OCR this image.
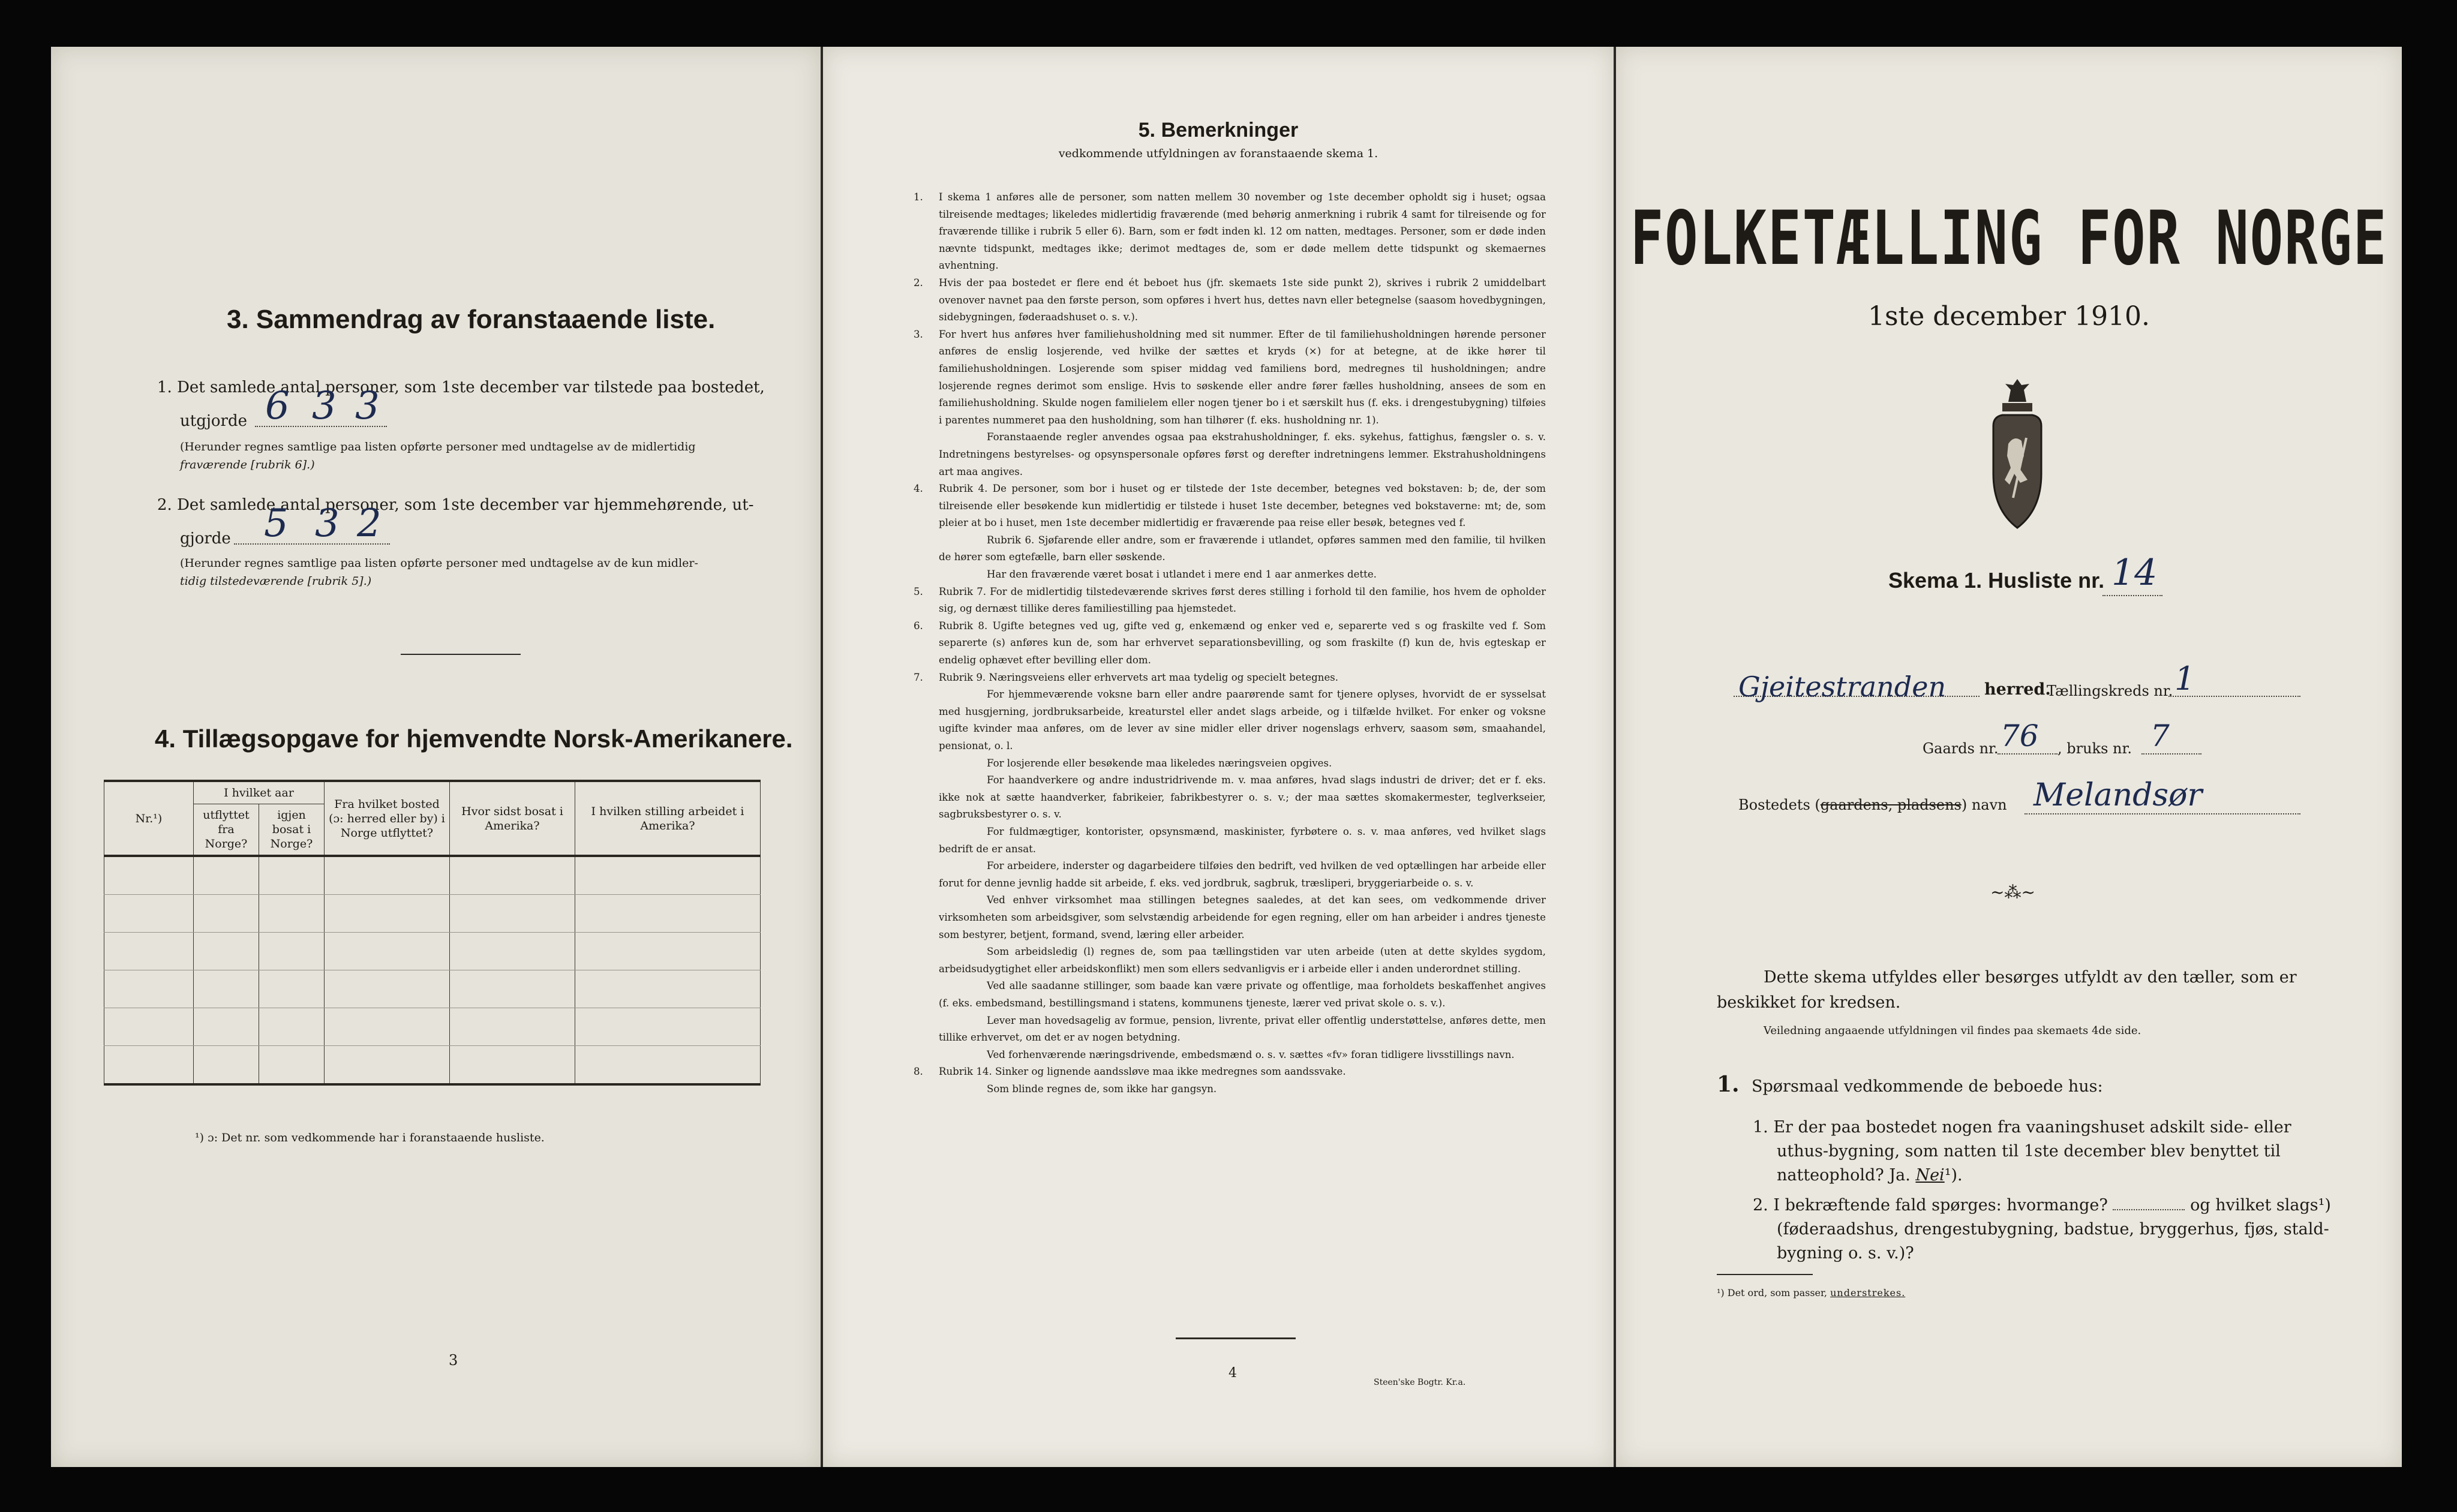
3. Sammendrag av foranstaaende liste.
1. Det samlede antal personer, som 1ste december var tilstede paa bostedet,
utgjorde 6 3 3
(Herunder regnes samtlige paa listen opførte personer med undtagelse av de midlertidig
fraværende [rubrik 6].)
2. Det samlede antal personer, som 1ste december var hjemmehørende, ut-
gjorde 5 3 2
(Herunder regnes samtlige paa listen opførte personer med undtagelse av de kun midler-
tidig tilstedeværende [rubrik 5].)
4. Tillægsopgave for hjemvendte Norsk-Amerikanere.
Nr.¹)	I hvilket aar		Fra hvilket bosted (ɔ: herred eller by) i Norge utflyttet?	Hvor sidst bosat i Amerika?	I hvilken stilling arbeidet i Amerika?
	utflyttet fra Norge?	igjen bosat i Norge?			

¹) ɔ: Det nr. som vedkommende har i foranstaaende husliste.
3
5. Bemerkninger
vedkommende utfyldningen av foranstaaende skema 1.

I skema 1 anføres alle de personer, som natten mellem 30 november og 1ste december opholdt sig i huset; ogsaa tilreisende medtages; likeledes midlertidig fraværende (med behørig anmerkning i rubrik 4 samt for tilreisende og for fraværende tillike i rubrik 5 eller 6). Barn, som er født inden kl. 12 om natten, medtages. Personer, som er døde inden nævnte tidspunkt, medtages ikke; derimot medtages de, som er døde mellem dette tidspunkt og skemaernes avhentning.

Hvis der paa bostedet er flere end ét beboet hus (jfr. skemaets 1ste side punkt 2), skrives i rubrik 2 umiddelbart ovenover navnet paa den første person, som opføres i hvert hus, dettes navn eller betegnelse (saasom hovedbygningen, sidebygningen, føderaadshuset o. s. v.).

For hvert hus anføres hver familiehusholdning med sit nummer. Efter de til familiehusholdningen hørende personer anføres de enslig losjerende, ved hvilke der sættes et kryds (×) for at betegne, at de ikke hører til familiehusholdningen. Losjerende som spiser middag ved familiens bord, medregnes til husholdningen; andre losjerende regnes derimot som enslige. Hvis to søskende eller andre fører fælles husholdning, ansees de som en familiehusholdning. Skulde nogen familielem eller nogen tjener bo i et særskilt hus (f. eks. i drengestubygning) tilføies i parentes nummeret paa den husholdning, som han tilhører (f. eks. husholdning nr. 1).

Foranstaaende regler anvendes ogsaa paa ekstrahusholdninger, f. eks. sykehus, fattighus, fængsler o. s. v. Indretningens bestyrelses- og opsynspersonale opføres først og derefter indretningens lemmer. Ekstrahusholdningens art maa angives.

Rubrik 4. De personer, som bor i huset og er tilstede der 1ste december, betegnes ved bokstaven: b; de, der som tilreisende eller besøkende kun midlertidig er tilstede i huset 1ste december, betegnes ved bokstaverne: mt; de, som pleier at bo i huset, men 1ste december midlertidig er fraværende paa reise eller besøk, betegnes ved f.

Rubrik 6. Sjøfarende eller andre, som er fraværende i utlandet, opføres sammen med den familie, til hvilken de hører som egtefælle, barn eller søskende.

Har den fraværende været bosat i utlandet i mere end 1 aar anmerkes dette.

Rubrik 7. For de midlertidig tilstedeværende skrives først deres stilling i forhold til den familie, hos hvem de opholder sig, og dernæst tillike deres familiestilling paa hjemstedet.

Rubrik 8. Ugifte betegnes ved ug, gifte ved g, enkemænd og enker ved e, separerte ved s og fraskilte ved f. Som separerte (s) anføres kun de, som har erhvervet separationsbevilling, og som fraskilte (f) kun de, hvis egteskap er endelig ophævet efter bevilling eller dom.

Rubrik 9. Næringsveiens eller erhvervets art maa tydelig og specielt betegnes.

For hjemmeværende voksne barn eller andre paarørende samt for tjenere oplyses, hvorvidt de er sysselsat med husgjerning, jordbruksarbeide, kreaturstel eller andet slags arbeide, og i tilfælde hvilket. For enker og voksne ugifte kvinder maa anføres, om de lever av sine midler eller driver nogenslags erhverv, saasom søm, smaahandel, pensionat, o. l.

For losjerende eller besøkende maa likeledes næringsveien opgives.

For haandverkere og andre industridrivende m. v. maa anføres, hvad slags industri de driver; det er f. eks. ikke nok at sætte haandverker, fabrikeier, fabrikbestyrer o. s. v.; der maa sættes skomakermester, teglverkseier, sagbruksbestyrer o. s. v.

For fuldmægtiger, kontorister, opsynsmænd, maskinister, fyrbøtere o. s. v. maa anføres, ved hvilket slags bedrift de er ansat.

For arbeidere, inderster og dagarbeidere tilføies den bedrift, ved hvilken de ved optællingen har arbeide eller forut for denne jevnlig hadde sit arbeide, f. eks. ved jordbruk, sagbruk, træsliperi, bryggeriarbeide o. s. v.

Ved enhver virksomhet maa stillingen betegnes saaledes, at det kan sees, om vedkommende driver virksomheten som arbeidsgiver, som selvstændig arbeidende for egen regning, eller om han arbeider i andres tjeneste som bestyrer, betjent, formand, svend, læring eller arbeider.

Som arbeidsledig (l) regnes de, som paa tællingstiden var uten arbeide (uten at dette skyldes sygdom, arbeidsudygtighet eller arbeidskonflikt) men som ellers sedvanligvis er i arbeide eller i anden underordnet stilling.

Ved alle saadanne stillinger, som baade kan være private og offentlige, maa forholdets beskaffenhet angives (f. eks. embedsmand, bestillingsmand i statens, kommunens tjeneste, lærer ved privat skole o. s. v.).

Lever man hovedsagelig av formue, pension, livrente, privat eller offentlig understøttelse, anføres dette, men tillike erhvervet, om det er av nogen betydning.

Ved forhenværende næringsdrivende, embedsmænd o. s. v. sættes «fv» foran tidligere livsstillings navn.

Rubrik 14. Sinker og lignende aandssløve maa ikke medregnes som aandssvake.

Som blinde regnes de, som ikke har gangsyn.

4
Steen'ske Bogtr. Kr.a.
FOLKETÆLLING FOR NORGE
1ste december 1910.
Skema 1. Husliste nr. 14
Gjeitestranden herred.
Tællingskreds nr. 1
Gaards nr. 76 , bruks nr. 7
Bostedets (gaardens, pladsens) navn Melandsør
~⁂~
Dette skema utfyldes eller besørges utfyldt av den tæller, som er
beskikket for kredsen.
Veiledning angaaende utfyldningen vil findes paa skemaets 4de side.
1. Spørsmaal vedkommende de beboede hus:
1. Er der paa bostedet nogen fra vaaningshuset adskilt side- eller
uthus-bygning, som natten til 1ste december blev benyttet til
natteophold? Ja. Nei¹).
2. I bekræftende fald spørges: hvormange?	og hvilket slags¹)
(føderaadshus, drengestubygning, badstue, bryggerhus, fjøs, stald-
bygning o. s. v.)?
¹) Det ord, som passer, understrekes.
